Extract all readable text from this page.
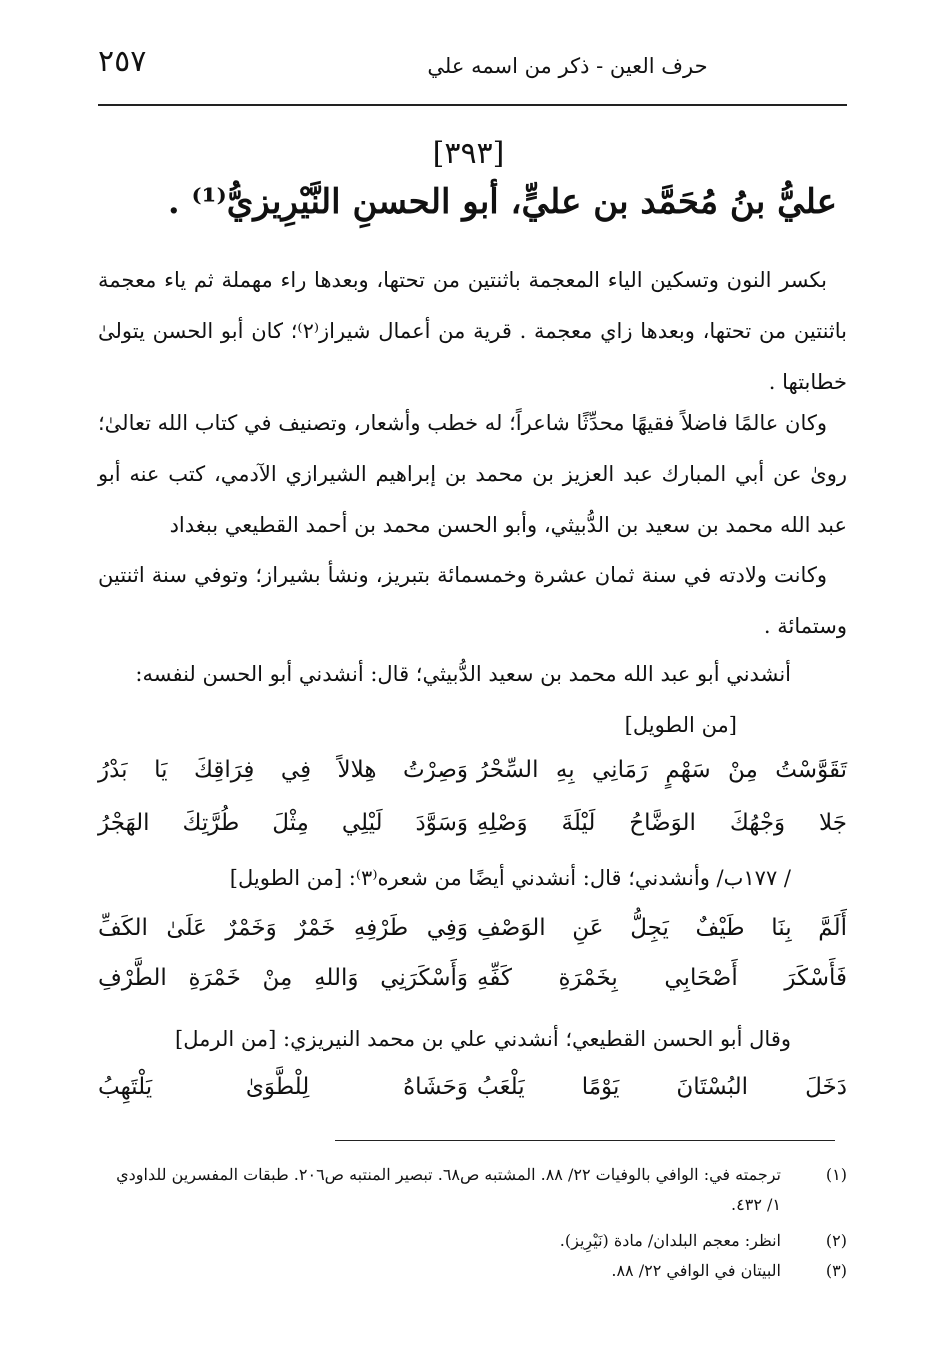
٢٥٧	حرف العين - ذكر من اسمه علي
[٣٩٣]
عليُّ بنُ مُحَمَّد بن عليٍّ، أبو الحسنِ النَّيْرِيزيُّ⁽¹⁾ .

بكسر النون وتسكين الياء المعجمة باثنتين من تحتها، وبعدها راء مهملة ثم ياء معجمة باثنتين من تحتها، وبعدها زاي معجمة . قرية من أعمال شيراز⁽٢⁾؛ كان أبو الحسن يتولىٰ خطابتها .

وكان عالمًا فاضلاً فقيهًا محدِّثًا شاعراً؛ له خطب وأشعار، وتصنيف في كتاب الله تعالىٰ؛ روىٰ عن أبي المبارك عبد العزيز بن محمد بن إبراهيم الشيرازي الآدمي، كتب عنه أبو عبد الله محمد بن سعيد بن الدُّبيثي، وأبو الحسن محمد بن أحمد القطيعي ببغداد

وكانت ولادته في سنة ثمان عشرة وخمسمائة بتبريز، ونشأ بشيراز؛ وتوفي سنة اثنتين وستمائة .

أنشدني أبو عبد الله محمد بن سعيد الدُّبيثي؛ قال: أنشدني أبو الحسن لنفسه:
[من الطويل]
تَقَوَّسْتُ مِنْ سَهْمٍ رَمَانِي بِهِ السِّحْرُ
وَصِرْتُ هِلالاً فِي فِرَاقِكَ يَا بَدْرُ
جَلا وَجْهُكَ الوَضَّاحُ لَيْلَةَ وَصْلِهِ
وَسَوَّدَ لَيْلِي مِثْلَ طُرَّتِكَ الهَجْرُ
/ ١٧٧ب/ وأنشدني؛ قال: أنشدني أيضًا من شعره⁽٣⁾: [من الطويل]
أَلَمَّ بِنَا طَيْفٌ يَجِلُّ عَنِ الوَصْفِ
وَفِي طَرْفِهِ خَمْرٌ وَخَمْرٌ عَلَىٰ الكَفِّ
فَأَسْكَرَ أَصْحَابِي بِخَمْرَةِ كَفِّهِ
وَأَسْكَرَنِي وَاللهِ مِنْ خَمْرَةِ الطَّرْفِ
وقال أبو الحسن القطيعي؛ أنشدني علي بن محمد النيريزي: [من الرمل]
دَخَلَ البُسْتَانَ يَوْمًا يَلْعَبُ
وَحَشَاهُ لِلْطَّوَىٰ يَلْتَهِبُ
(١)
ترجمته في: الوافي بالوفيات ٢٢/ ٨٨. المشتبه ص٦٨. تبصير المنتبه ص٢٠٦. طبقات المفسرين للداودي ١/ ٤٣٢.
(٢)
انظر: معجم البلدان/ مادة (نَيْرِيز).
(٣)
البيتان في الوافي ٢٢/ ٨٨.
